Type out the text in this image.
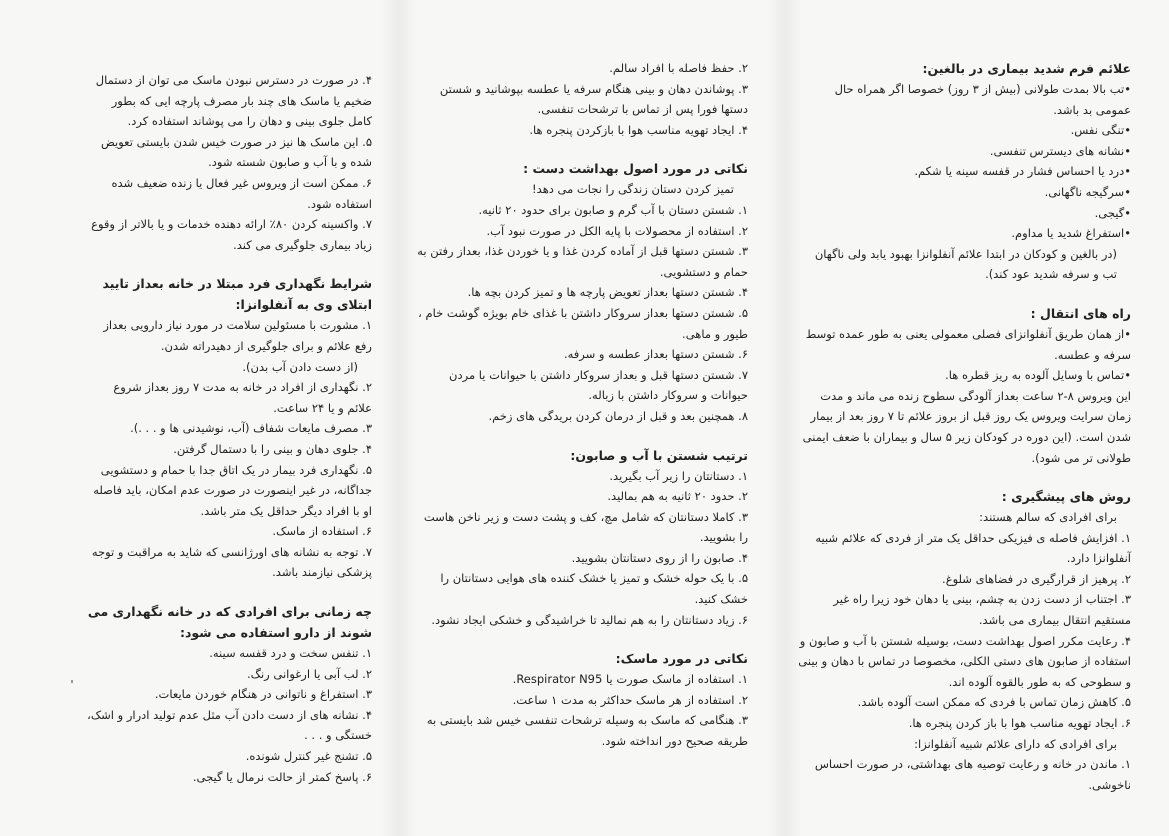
علائم فرم شدید بیماری در بالغین:
• تب بالا بمدت طولانی (بیش از ۳ روز) خصوصا اگر همراه حال عمومی بد باشد.
• تنگی نفس.
• نشانه های دیسترس تنفسی.
• درد یا احساس فشار در قفسه سینه یا شکم.
• سرگیجه ناگهانی.
• گیجی.
• استفراغ شدید یا مداوم.

(در بالغین و کودکان در ابتدا علائم آنفلوانزا بهبود یابد ولی ناگهان تب و سرفه شدید عود کند).

راه های انتقال :
• از همان طریق آنفلوانزای فصلی معمولی یعنی به طور عمده توسط سرفه و عطسه.
• تماس با وسایل آلوده به ریز قطره ها.

این ویروس ۸-۲ ساعت بعداز آلودگی سطوح زنده می ماند و مدت زمان سرایت ویروس یک روز قبل از بروز علائم تا ۷ روز بعد از بیمار شدن است. (این دوره در کودکان زیر ۵ سال و بیماران با ضعف ایمنی طولانی تر می شود).

روش های پیشگیری :

برای افرادی که سالم هستند:

۱. افزایش فاصله ی فیزیکی حداقل یک متر از فردی که علائم شبیه آنفلوانزا دارد.
۲. پرهیز از قرارگیری در فضاهای شلوغ.
۳. اجتناب از دست زدن به چشم، بینی یا دهان خود زیرا راه غیر مستقیم انتقال بیماری می باشد.
۴. رعایت مکرر اصول بهداشت دست، بوسیله شستن با آب و صابون و استفاده از صابون های دستی الکلی، مخصوصا در تماس با دهان و بینی و سطوحی که به طور بالقوه آلوده اند.
۵. کاهش زمان تماس با فردی که ممکن است آلوده باشد.
۶. ایجاد تهویه مناسب هوا با باز کردن پنجره ها.

برای افرادی که دارای علائم شبیه آنفلوانزا:

۱. ماندن در خانه و رعایت توصیه های بهداشتی، در صورت احساس ناخوشی.
۲. حفظ فاصله با افراد سالم.
۳. پوشاندن دهان و بینی هنگام سرفه یا عطسه بپوشانید و شستن دستها فورا پس از تماس با ترشحات تنفسی.
۴. ایجاد تهویه مناسب هوا با بازکردن پنجره ها.
نکاتی در مورد اصول بهداشت دست :

تمیز کردن دستان زندگی را نجات می دهد!

۱. شستن دستان با آب گرم و صابون برای حدود ۲۰ ثانیه.
۲. استفاده از محصولات با پایه الکل در صورت نبود آب.
۳. شستن دستها قبل از آماده کردن غذا و یا خوردن غذا، بعداز رفتن به حمام و دستشویی.
۴. شستن دستها بعداز تعویض پارچه ها و تمیز کردن بچه ها.
۵. شستن دستها بعداز سروکار داشتن با غذای خام بویژه گوشت خام ، طیور و ماهی.
۶. شستن دستها بعداز عطسه و سرفه.
۷. شستن دستها قبل و بعداز سروکار داشتن با حیوانات یا مردن حیوانات و سروکار داشتن با زباله.
۸. همچنین بعد و قبل از درمان کردن بریدگی های زخم.
ترتیب شستن با آب و صابون:
۱. دستانتان را زیر آب بگیرید.
۲. حدود ۲۰ ثانیه به هم بمالید.
۳. کاملا دستانتان که شامل مچ، کف و پشت دست و زیر ناخن هاست را بشویید.
۴. صابون را از روی دستانتان بشویید.
۵. با یک حوله خشک و تمیز یا خشک کننده های هوایی دستانتان را خشک کنید.
۶. زیاد دستانتان را به هم نمالید تا خراشیدگی و خشکی ایجاد نشود.
نکاتی در مورد ماسک:
۱. استفاده از ماسک صورت یا Respirator N95.
۲. استفاده از هر ماسک حداکثر به مدت ۱ ساعت.
۳. هنگامی که ماسک به وسیله ترشحات تنفسی خیس شد بایستی به طریقه صحیح دور انداخته شود.
۴. در صورت در دسترس نبودن ماسک می توان از دستمال ضخیم یا ماسک های چند بار مصرف پارچه ایی که بطور کامل جلوی بینی و دهان را می پوشاند استفاده کرد.
۵. این ماسک ها نیز در صورت خیس شدن بایستی تعویض شده و با آب و صابون شسته شود.
۶. ممکن است از ویروس غیر فعال یا زنده ضعیف شده استفاده شود.
۷. واکسینه کردن ۸۰٪ ارائه دهنده خدمات و یا بالاتر از وقوع زیاد بیماری جلوگیری می کند.
شرایط نگهداری فرد مبتلا در خانه بعداز تایید ابتلای وی به آنفلوانزا:
۱. مشورت با مسئولین سلامت در مورد نیاز دارویی بعداز رفع علائم و برای جلوگیری از دهیدراته شدن.
(از دست دادن آب بدن).
۲. نگهداری از افراد در خانه به مدت ۷ روز بعداز شروع علائم و یا ۲۴ ساعت.
۳. مصرف مایعات شفاف (آب، نوشیدنی ها و . . .).
۴. جلوی دهان و بینی را با دستمال گرفتن.
۵. نگهداری فرد بیمار در یک اتاق جدا با حمام و دستشویی جداگانه، در غیر اینصورت در صورت عدم امکان، باید فاصله او با افراد دیگر حداقل یک متر باشد.
۶. استفاده از ماسک.
۷. توجه به نشانه های اورژانسی که شاید به مراقبت و توجه پزشکی نیازمند باشد.
چه زمانی برای افرادی که در خانه نگهداری می شوند از دارو استفاده می شود:
۱. تنفس سخت و درد قفسه سینه.
۲. لب آبی یا ارغوانی رنگ.
۳. استفراغ و ناتوانی در هنگام خوردن مایعات.
۴. نشانه های از دست دادن آب مثل عدم تولید ادرار و اشک، خستگی و . . .
۵. تشنج غیر کنترل شونده.
۶. پاسخ کمتر از حالت نرمال یا گیجی.
